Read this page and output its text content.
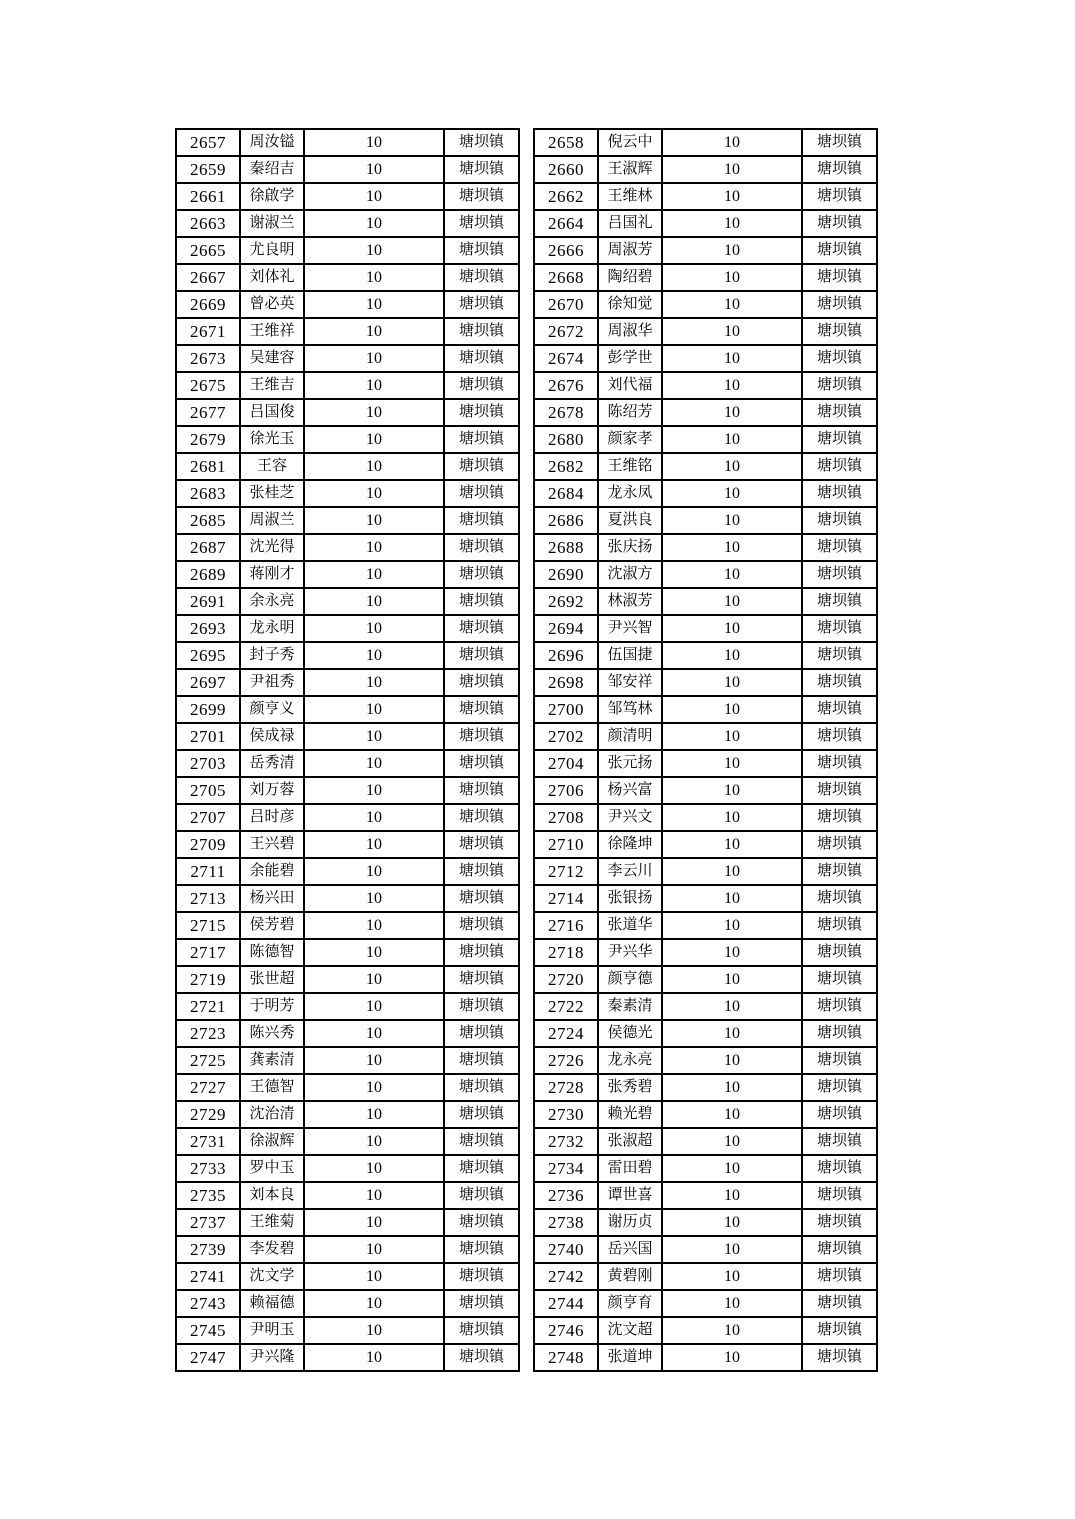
2657	周汝镒	10	塘坝镇
2659	秦绍吉	10	塘坝镇
2661	徐啟学	10	塘坝镇
2663	谢淑兰	10	塘坝镇
2665	尤良明	10	塘坝镇
2667	刘体礼	10	塘坝镇
2669	曾必英	10	塘坝镇
2671	王维祥	10	塘坝镇
2673	吴建容	10	塘坝镇
2675	王维吉	10	塘坝镇
2677	吕国俊	10	塘坝镇
2679	徐光玉	10	塘坝镇
2681	王容	10	塘坝镇
2683	张桂芝	10	塘坝镇
2685	周淑兰	10	塘坝镇
2687	沈光得	10	塘坝镇
2689	蒋刚才	10	塘坝镇
2691	余永亮	10	塘坝镇
2693	龙永明	10	塘坝镇
2695	封子秀	10	塘坝镇
2697	尹祖秀	10	塘坝镇
2699	颜亨义	10	塘坝镇
2701	侯成禄	10	塘坝镇
2703	岳秀清	10	塘坝镇
2705	刘万蓉	10	塘坝镇
2707	吕时彦	10	塘坝镇
2709	王兴碧	10	塘坝镇
2711	余能碧	10	塘坝镇
2713	杨兴田	10	塘坝镇
2715	侯芳碧	10	塘坝镇
2717	陈德智	10	塘坝镇
2719	张世超	10	塘坝镇
2721	于明芳	10	塘坝镇
2723	陈兴秀	10	塘坝镇
2725	龚素清	10	塘坝镇
2727	王德智	10	塘坝镇
2729	沈治清	10	塘坝镇
2731	徐淑辉	10	塘坝镇
2733	罗中玉	10	塘坝镇
2735	刘本良	10	塘坝镇
2737	王维菊	10	塘坝镇
2739	李发碧	10	塘坝镇
2741	沈文学	10	塘坝镇
2743	赖福德	10	塘坝镇
2745	尹明玉	10	塘坝镇
2747	尹兴隆	10	塘坝镇
2658	倪云中	10	塘坝镇
2660	王淑辉	10	塘坝镇
2662	王维林	10	塘坝镇
2664	吕国礼	10	塘坝镇
2666	周淑芳	10	塘坝镇
2668	陶绍碧	10	塘坝镇
2670	徐知觉	10	塘坝镇
2672	周淑华	10	塘坝镇
2674	彭学世	10	塘坝镇
2676	刘代福	10	塘坝镇
2678	陈绍芳	10	塘坝镇
2680	颜家孝	10	塘坝镇
2682	王维铭	10	塘坝镇
2684	龙永凤	10	塘坝镇
2686	夏洪良	10	塘坝镇
2688	张庆扬	10	塘坝镇
2690	沈淑方	10	塘坝镇
2692	林淑芳	10	塘坝镇
2694	尹兴智	10	塘坝镇
2696	伍国捷	10	塘坝镇
2698	邹安祥	10	塘坝镇
2700	邹笃林	10	塘坝镇
2702	颜清明	10	塘坝镇
2704	张元扬	10	塘坝镇
2706	杨兴富	10	塘坝镇
2708	尹兴文	10	塘坝镇
2710	徐隆坤	10	塘坝镇
2712	李云川	10	塘坝镇
2714	张银扬	10	塘坝镇
2716	张道华	10	塘坝镇
2718	尹兴华	10	塘坝镇
2720	颜亨德	10	塘坝镇
2722	秦素清	10	塘坝镇
2724	侯德光	10	塘坝镇
2726	龙永亮	10	塘坝镇
2728	张秀碧	10	塘坝镇
2730	赖光碧	10	塘坝镇
2732	张淑超	10	塘坝镇
2734	雷田碧	10	塘坝镇
2736	谭世喜	10	塘坝镇
2738	谢历贞	10	塘坝镇
2740	岳兴国	10	塘坝镇
2742	黄碧刚	10	塘坝镇
2744	颜亨育	10	塘坝镇
2746	沈文超	10	塘坝镇
2748	张道坤	10	塘坝镇
